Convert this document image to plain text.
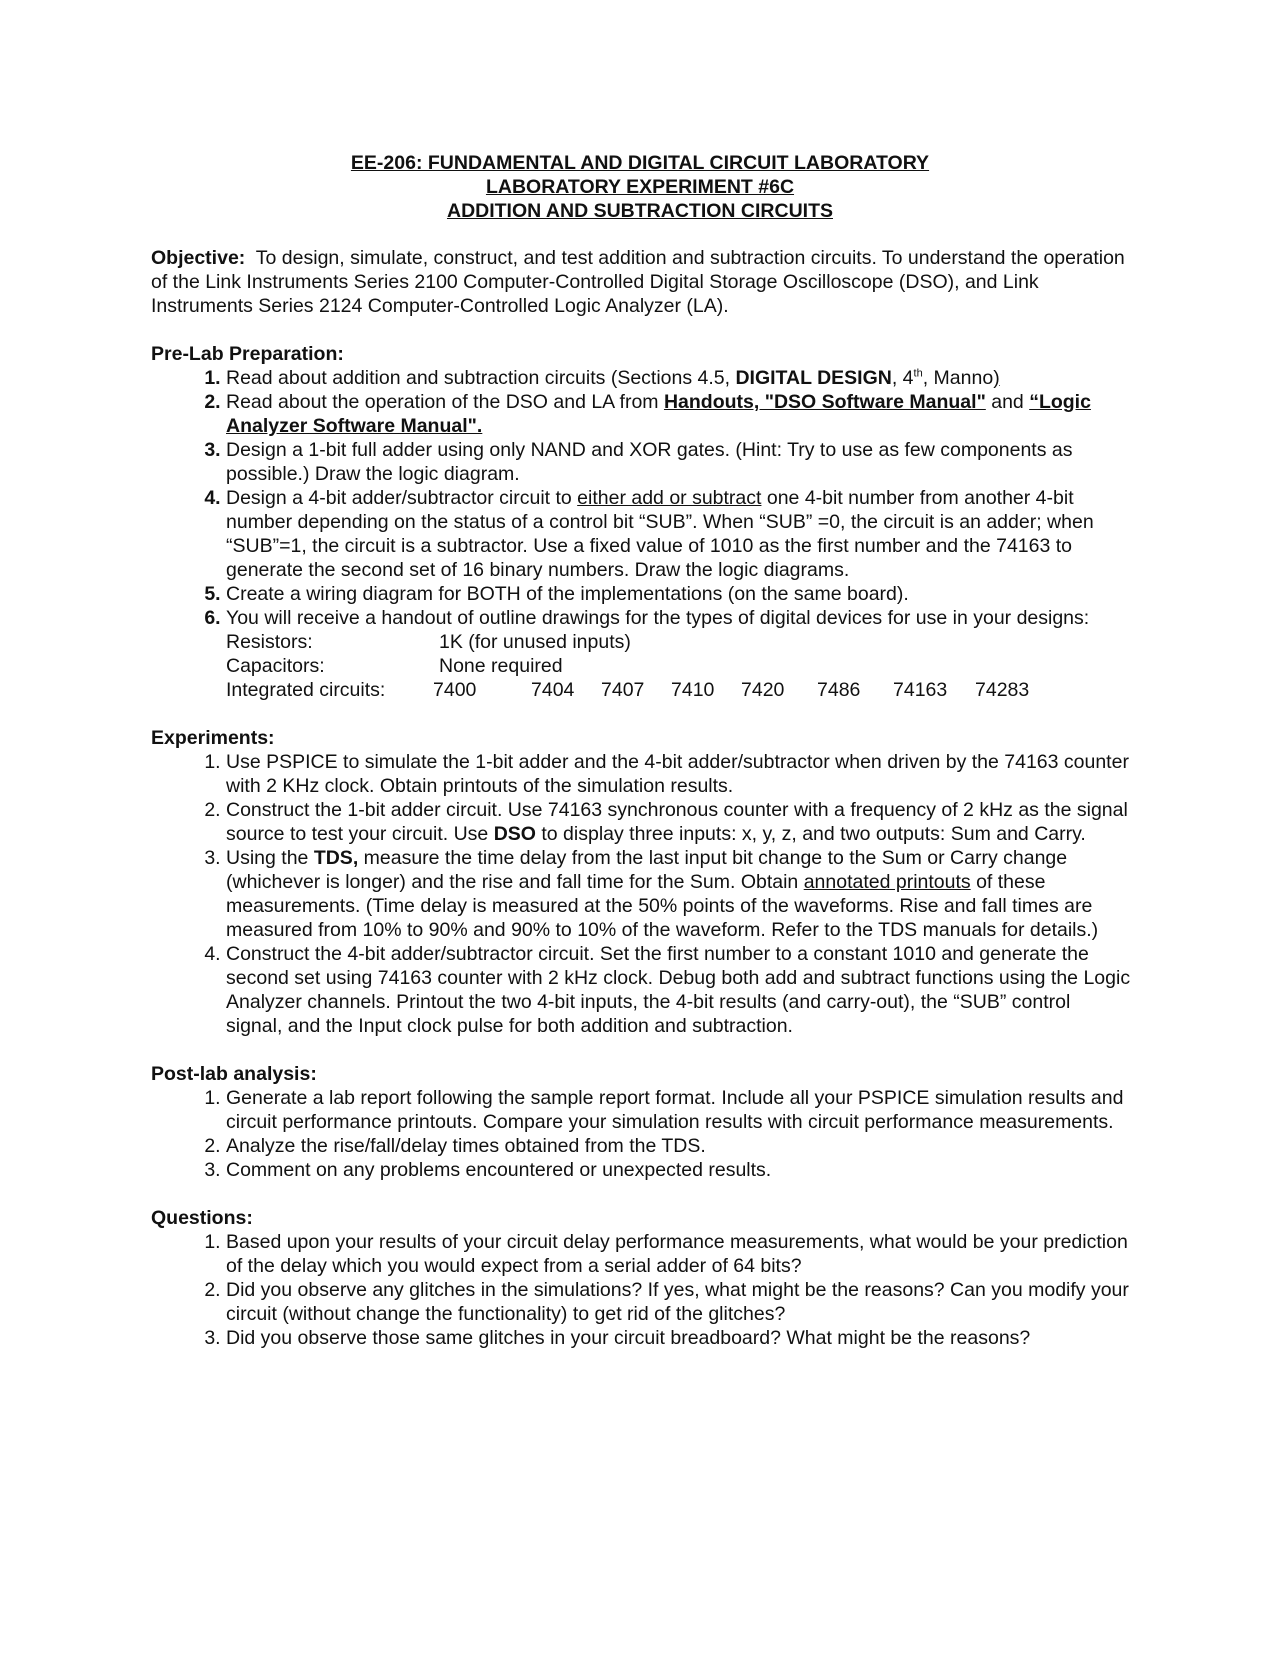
EE-206: FUNDAMENTAL AND DIGITAL CIRCUIT LABORATORY
LABORATORY EXPERIMENT #6C
ADDITION AND SUBTRACTION CIRCUITS

Objective: To design, simulate, construct, and test addition and subtraction circuits. To understand the operation of the Link Instruments Series 2100 Computer-Controlled Digital Storage Oscilloscope (DSO), and Link Instruments Series 2124 Computer-Controlled Logic Analyzer (LA).

Pre-Lab Preparation:
1. Read about addition and subtraction circuits (Sections 4.5, DIGITAL DESIGN, 4th, Manno)
2. Read about the operation of the DSO and LA from Handouts, "DSO Software Manual" and “Logic Analyzer Software Manual".
3. Design a 1-bit full adder using only NAND and XOR gates. (Hint: Try to use as few components as possible.) Draw the logic diagram.
4. Design a 4-bit adder/subtractor circuit to either add or subtract one 4-bit number from another 4-bit number depending on the status of a control bit “SUB”. When “SUB” =0, the circuit is an adder; when “SUB”=1, the circuit is a subtractor. Use a fixed value of 1010 as the first number and the 74163 to generate the second set of 16 binary numbers. Draw the logic diagrams.
5. Create a wiring diagram for BOTH of the implementations (on the same board).
6. You will receive a handout of outline drawings for the types of digital devices for use in your designs:
Resistors:	1K (for unused inputs)
Capacitors:	None required
Integrated circuits:	7400	7404	7407	7410	7420	7486	74163	74283
Experiments:
1. Use PSPICE to simulate the 1-bit adder and the 4-bit adder/subtractor when driven by the 74163 counter with 2 KHz clock. Obtain printouts of the simulation results.
2. Construct the 1-bit adder circuit. Use 74163 synchronous counter with a frequency of 2 kHz as the signal source to test your circuit. Use DSO to display three inputs: x, y, z, and two outputs: Sum and Carry.
3. Using the TDS, measure the time delay from the last input bit change to the Sum or Carry change (whichever is longer) and the rise and fall time for the Sum. Obtain annotated printouts of these measurements. (Time delay is measured at the 50% points of the waveforms. Rise and fall times are measured from 10% to 90% and 90% to 10% of the waveform. Refer to the TDS manuals for details.)
4. Construct the 4-bit adder/subtractor circuit. Set the first number to a constant 1010 and generate the second set using 74163 counter with 2 kHz clock. Debug both add and subtract functions using the Logic Analyzer channels. Printout the two 4-bit inputs, the 4-bit results (and carry-out), the “SUB” control signal, and the Input clock pulse for both addition and subtraction.
Post-lab analysis:
1. Generate a lab report following the sample report format. Include all your PSPICE simulation results and circuit performance printouts. Compare your simulation results with circuit performance measurements.
2. Analyze the rise/fall/delay times obtained from the TDS.
3. Comment on any problems encountered or unexpected results.
Questions:
1. Based upon your results of your circuit delay performance measurements, what would be your prediction of the delay which you would expect from a serial adder of 64 bits?
2. Did you observe any glitches in the simulations? If yes, what might be the reasons? Can you modify your circuit (without change the functionality) to get rid of the glitches?
3. Did you observe those same glitches in your circuit breadboard? What might be the reasons?
